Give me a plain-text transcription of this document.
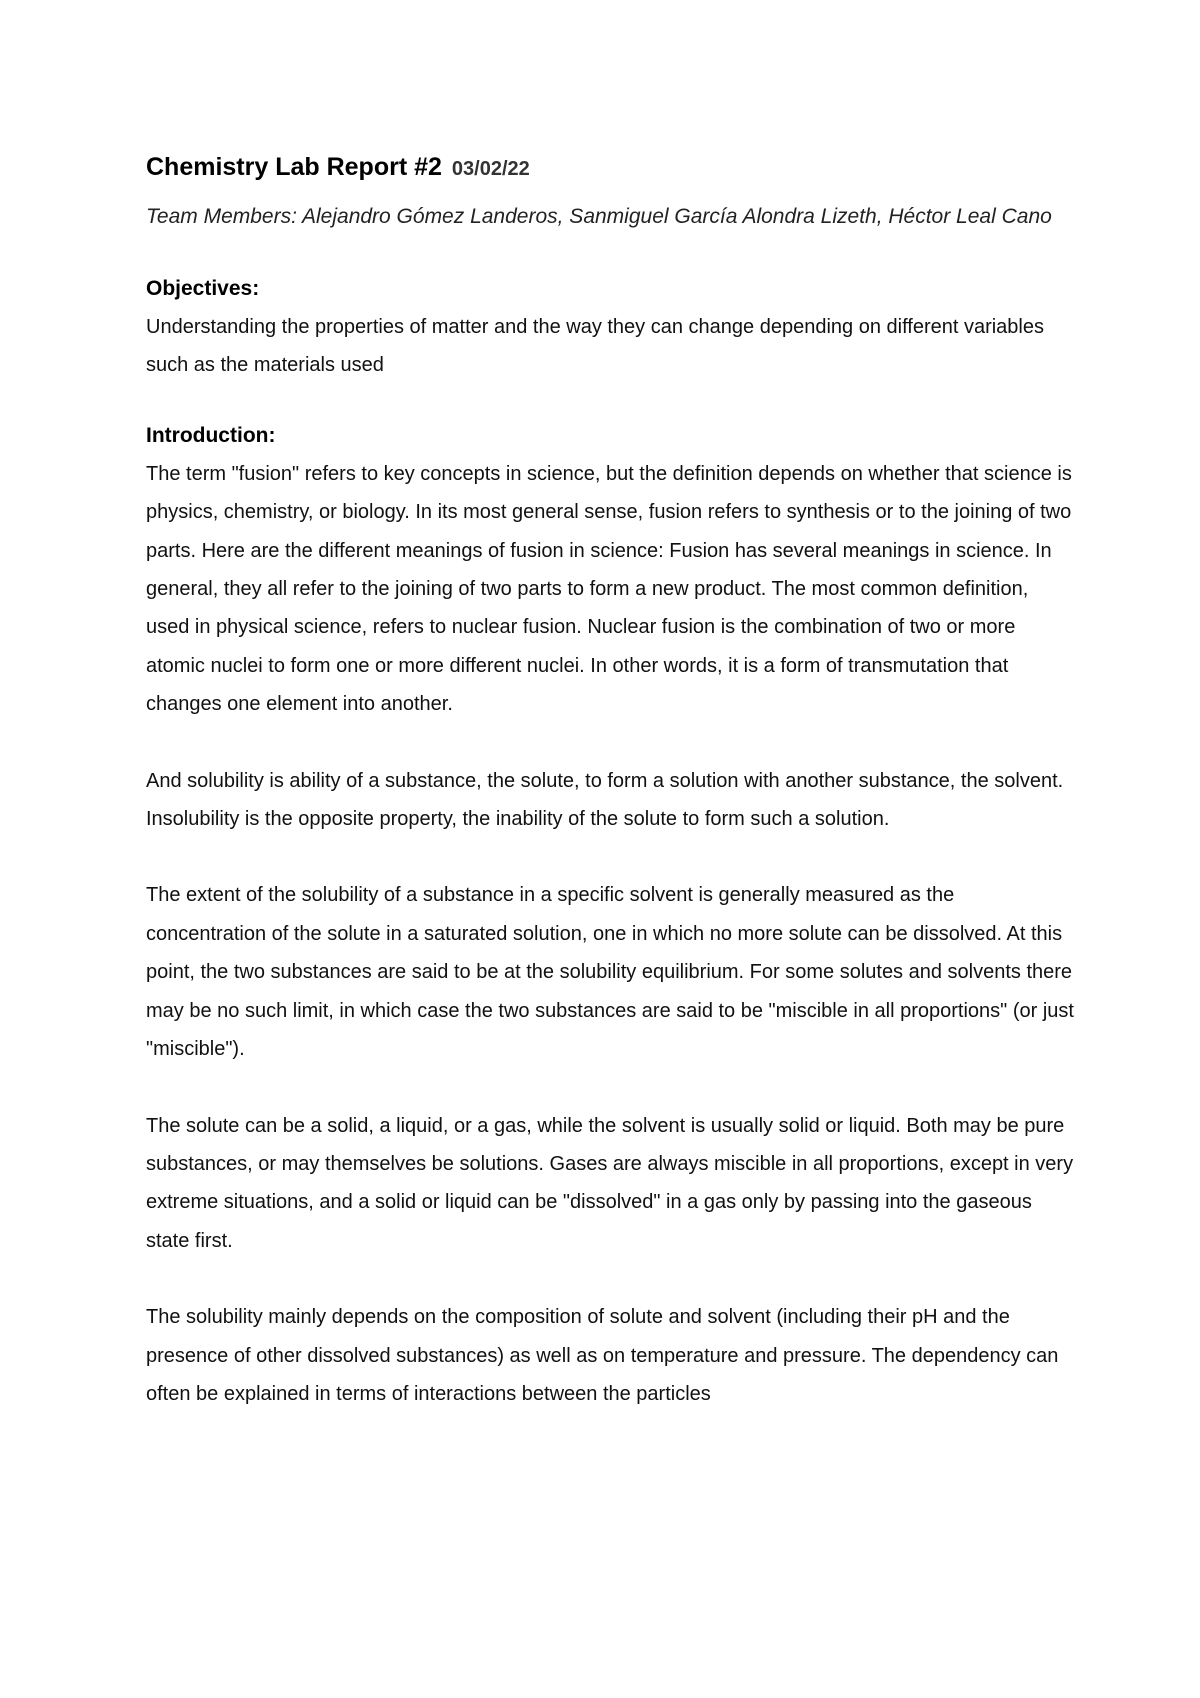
Chemistry Lab Report #2 03/02/22

Team Members: Alejandro Gómez Landeros, Sanmiguel García Alondra Lizeth, Héctor Leal Cano

Objectives:

Understanding the properties of matter and the way they can change depending on different variables such as the materials used

Introduction:

The term "fusion" refers to key concepts in science, but the definition depends on whether that science is physics, chemistry, or biology. In its most general sense, fusion refers to synthesis or to the joining of two parts. Here are the different meanings of fusion in science: Fusion has several meanings in science. In general, they all refer to the joining of two parts to form a new product. The most common definition, used in physical science, refers to nuclear fusion. Nuclear fusion is the combination of two or more atomic nuclei to form one or more different nuclei. In other words, it is a form of transmutation that changes one element into another.

And solubility is ability of a substance, the solute, to form a solution with another substance, the solvent. Insolubility is the opposite property, the inability of the solute to form such a solution.

The extent of the solubility of a substance in a specific solvent is generally measured as the concentration of the solute in a saturated solution, one in which no more solute can be dissolved. At this point, the two substances are said to be at the solubility equilibrium. For some solutes and solvents there may be no such limit, in which case the two substances are said to be "miscible in all proportions" (or just "miscible").

The solute can be a solid, a liquid, or a gas, while the solvent is usually solid or liquid. Both may be pure substances, or may themselves be solutions. Gases are always miscible in all proportions, except in very extreme situations, and a solid or liquid can be "dissolved" in a gas only by passing into the gaseous state first.

The solubility mainly depends on the composition of solute and solvent (including their pH and the presence of other dissolved substances) as well as on temperature and pressure. The dependency can often be explained in terms of interactions between the particles
